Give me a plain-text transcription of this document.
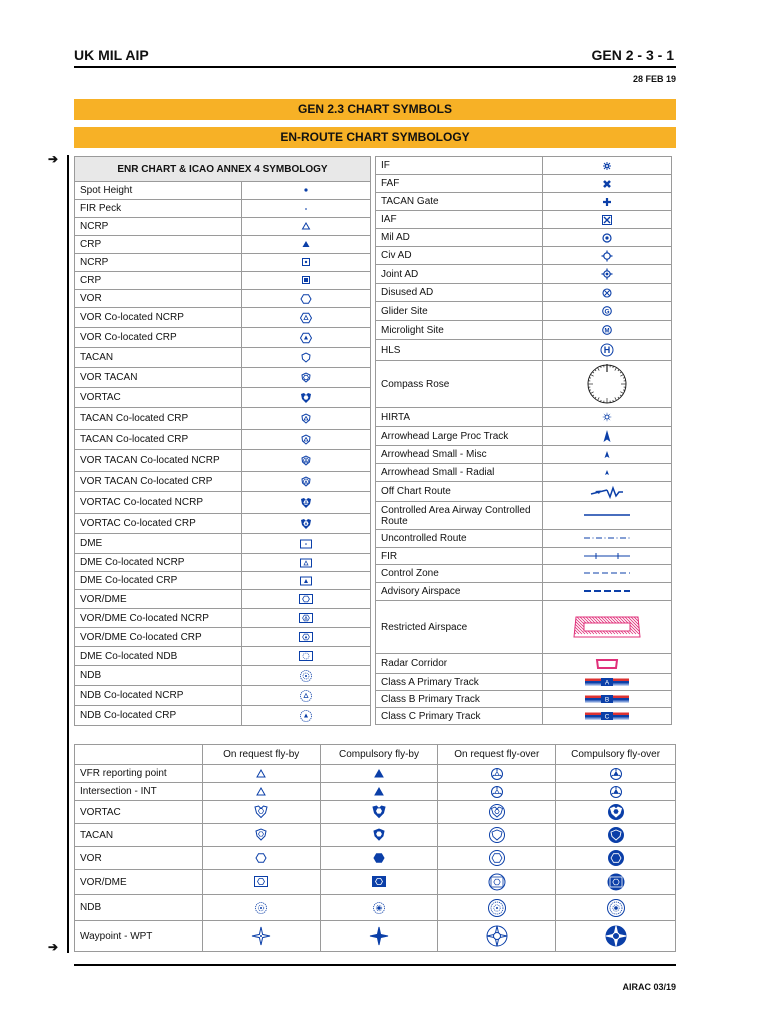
UK MIL AIP	GEN 2 - 3 - 1
28 FEB 19
GEN 2.3 CHART SYMBOLS
EN-ROUTE CHART SYMBOLOGY
➔
➔
ENR CHART & ICAO ANNEX 4 SYMBOLOGY	
Spot Height	

FIR Peck	

NCRP	

CRP	

NCRP	

CRP	

VOR	

VOR Co-located NCRP	

VOR Co-located CRP	

TACAN	

VOR TACAN	

VORTAC	

TACAN Co-located CRP	

TACAN Co-located CRP	

VOR TACAN Co-located NCRP	

VOR TACAN Co-located CRP	

VORTAC Co-located NCRP	

VORTAC Co-located CRP	

DME	

DME Co-located NCRP	

DME Co-located CRP	

VOR/DME	

VOR/DME Co-located NCRP	

VOR/DME Co-located CRP	

DME Co-located NDB	

NDB	

NDB Co-located NCRP	

NDB Co-located CRP	
IF	

FAF	

TACAN Gate	

IAF	

Mil AD	

Civ AD	

Joint AD	

Disused AD	

Glider Site	G

Microlight Site	M

HLS	H

Compass Rose	

HIRTA	

Arrowhead Large Proc Track	

Arrowhead Small - Misc	

Arrowhead Small - Radial	

Off Chart Route	

Controlled Area Airway Controlled Route	

Uncontrolled Route	

FIR	

Control Zone	

Advisory Airspace	

Restricted Airspace	

Radar Corridor	

Class A Primary Track	A

Class B Primary Track	B

Class C Primary Track	C
	On request fly-by	Compulsory fly-by	On request fly-over	Compulsory fly-over
VFR reporting point	

Intersection - INT	

VORTAC	

TACAN	

VOR	

VOR/DME	

NDB	

Waypoint - WPT	

AIRAC 03/19
